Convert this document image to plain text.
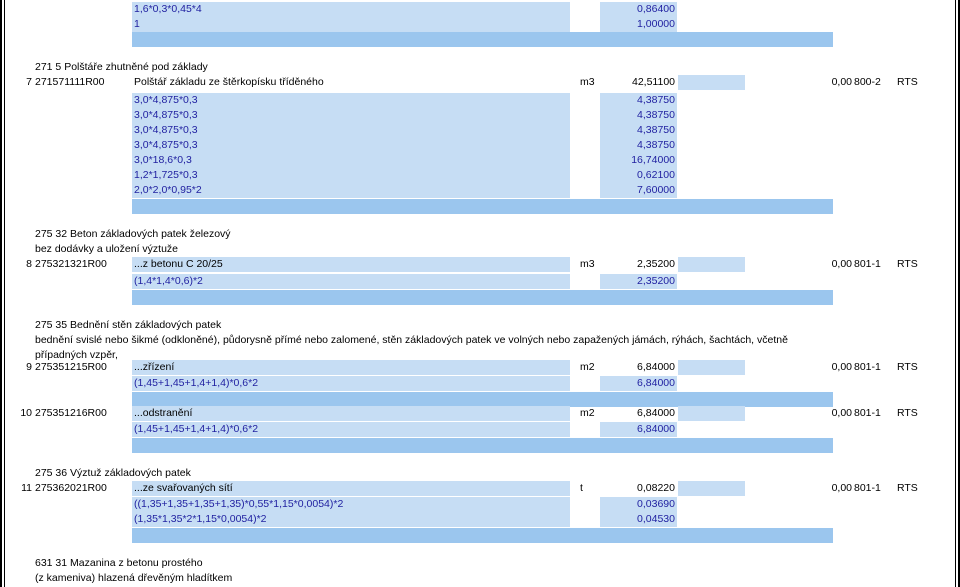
1,6*0,3*0,45*4	0,86400
1	1,00000
271 5 Polštáře zhutněné pod základy
7 271571111R00	Polštář základu ze štěrkopísku tříděného	m3	42,51100	0,00 800-2 RTS
3,0*4,875*0,3	4,38750
3,0*4,875*0,3	4,38750
3,0*4,875*0,3	4,38750
3,0*4,875*0,3	4,38750
3,0*18,6*0,3	16,74000
1,2*1,725*0,3	0,62100
2,0*2,0*0,95*2	7,60000
275 32 Beton základových patek železový
bez dodávky a uložení výztuže
8 275321321R00	...z betonu C 20/25	m3	2,35200	0,00 801-1 RTS
(1,4*1,4*0,6)*2	2,35200
275 35 Bednění stěn základových patek
bednění svislé nebo šikmé (odkloněné), půdorysně přímé nebo zalomené, stěn základových patek ve volných nebo zapažených jámách, rýhách, šachtách, včetně případných vzpěr,
9 275351215R00	...zřízení	m2	6,84000	0,00 801-1 RTS
(1,45+1,45+1,4+1,4)*0,6*2	6,84000
10 275351216R00	...odstranění	m2	6,84000	0,00 801-1 RTS
(1,45+1,45+1,4+1,4)*0,6*2	6,84000
275 36 Výztuž základových patek
11 275362021R00	...ze svařovaných sítí	t	0,08220	0,00 801-1 RTS
((1,35+1,35+1,35+1,35)*0,55*1,15*0,0054)*2	0,03690
(1,35*1,35*2*1,15*0,0054)*2	0,04530
631 31 Mazanina z betonu prostého
(z kameniva) hlazená dřevěným hladítkem
